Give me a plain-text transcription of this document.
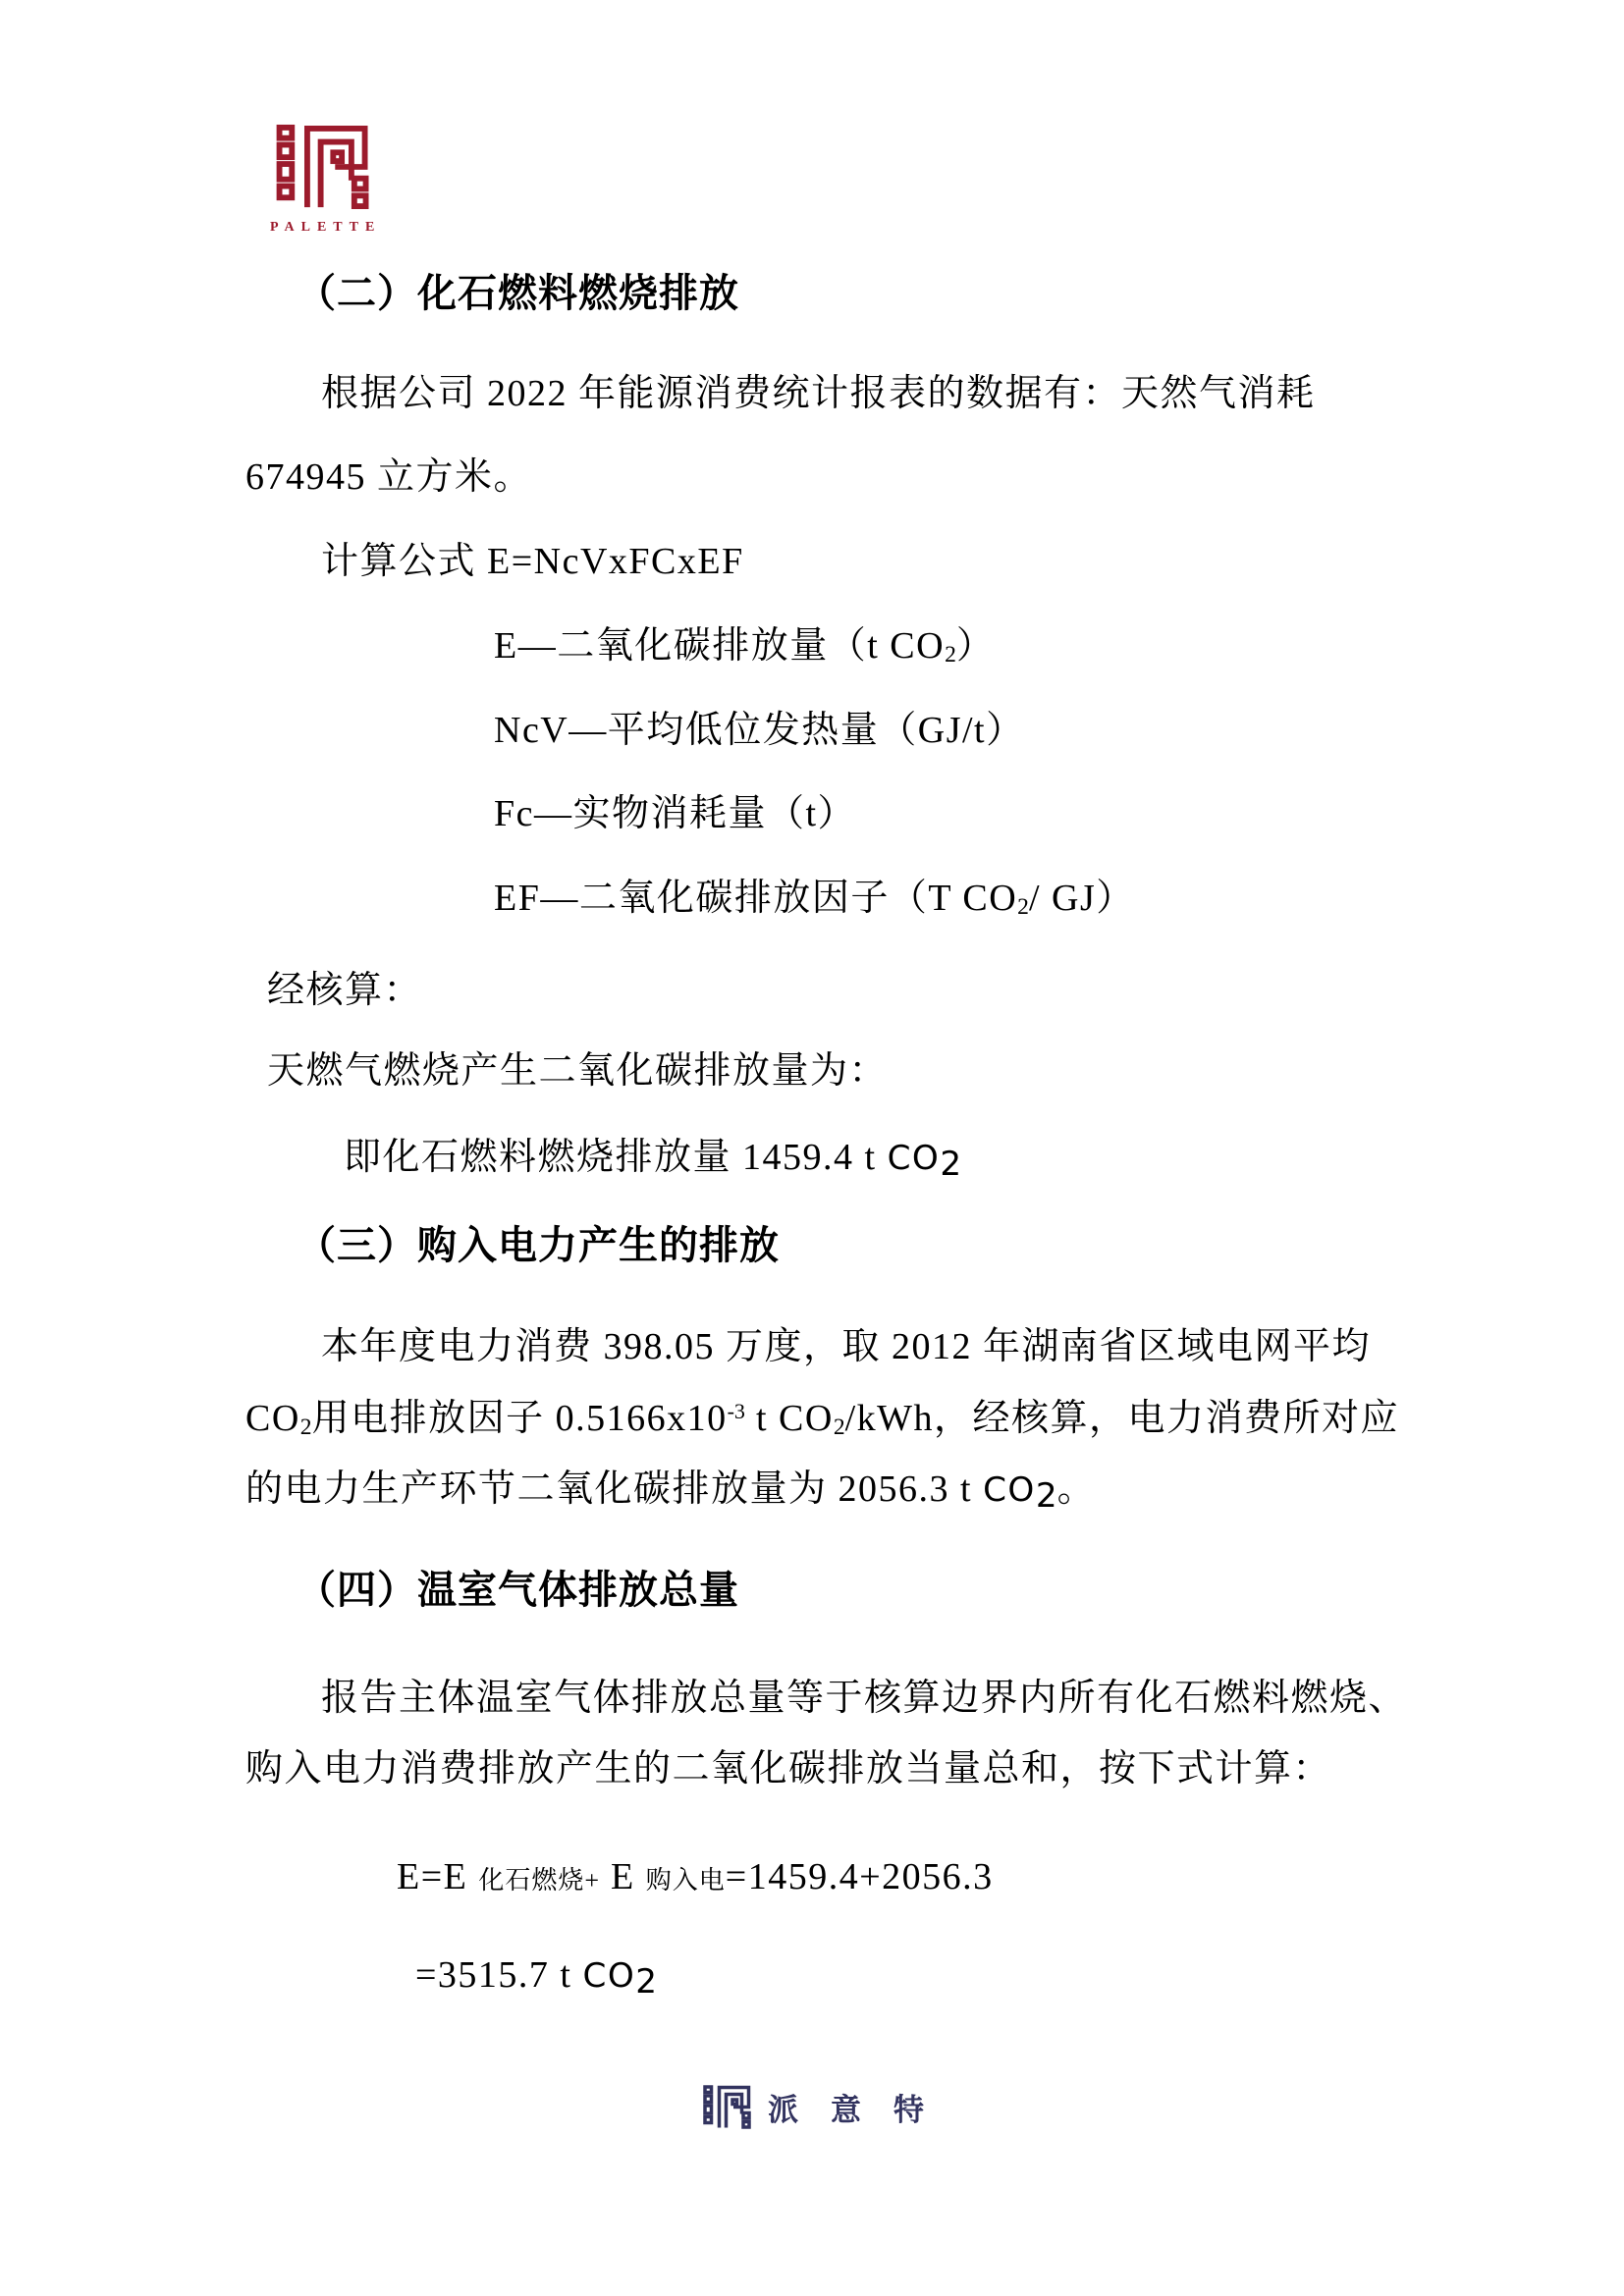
PALETTE
（二）化石燃料燃烧排放
根据公司 2022 年能源消费统计报表的数据有：天然气消耗
674945 立方米。
计算公式 E=NcVxFCxEF
E—二氧化碳排放量（t CO2）
NcV—平均低位发热量（GJ/t）
Fc—实物消耗量（t）
EF—二氧化碳排放因子（T CO2/ GJ）
经核算：
天燃气燃烧产生二氧化碳排放量为：
即化石燃料燃烧排放量 1459.4 t CO2
（三）购入电力产生的排放
本年度电力消费 398.05 万度，取 2012 年湖南省区域电网平均
CO2用电排放因子 $0.5166x10^{-3}$ t CO2/kWh，经核算，电力消费所对应
的电力生产环节二氧化碳排放量为 2056.3 t CO2。
（四）温室气体排放总量
报告主体温室气体排放总量等于核算边界内所有化石燃料燃烧、
购入电力消费排放产生的二氧化碳排放当量总和，按下式计算：
E=E 化石燃烧+ E 购入电=1459.4+2056.3
=3515.7 t CO2
派意特
